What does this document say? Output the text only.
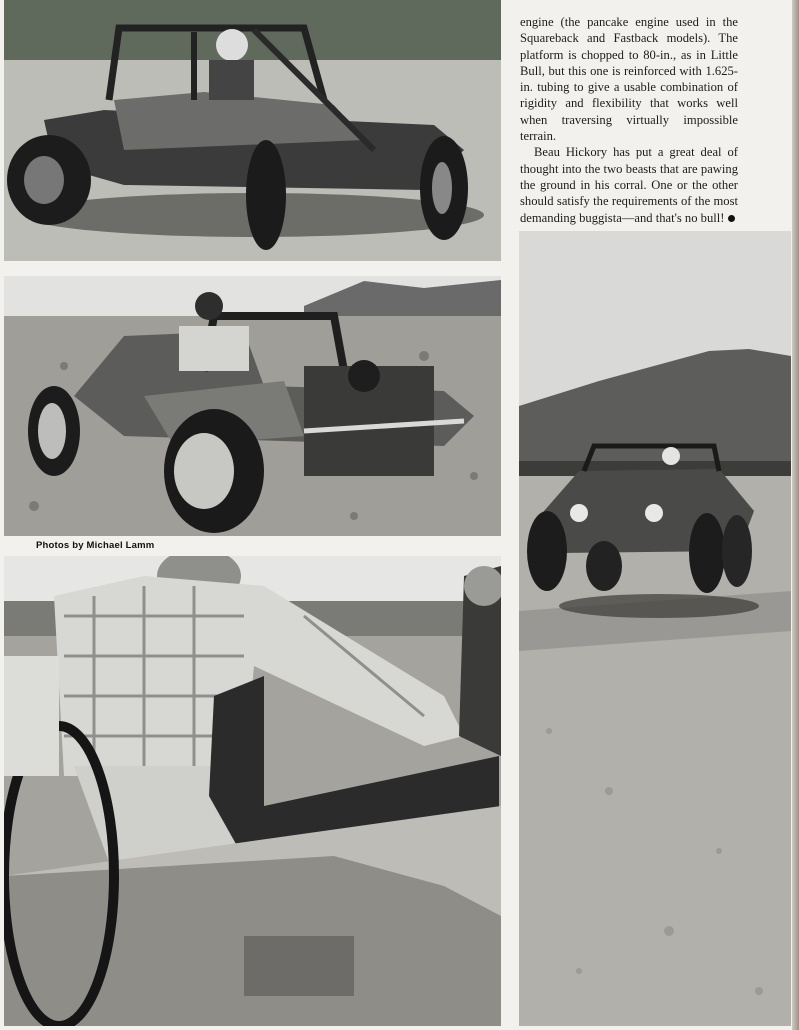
engine (the pancake engine used in the Squareback and Fastback models). The platform is chopped to 80-in., as in Little Bull, but this one is reinforced with 1.625-in. tubing to give a usable combination of rigidity and flexibility that works well when traversing virtually impossible terrain.

Beau Hickory has put a great deal of thought into the two beasts that are pawing the ground in his corral. One or the other should satisfy the requirements of the most demanding buggista—and that's no bull!

Photos by Michael Lamm
